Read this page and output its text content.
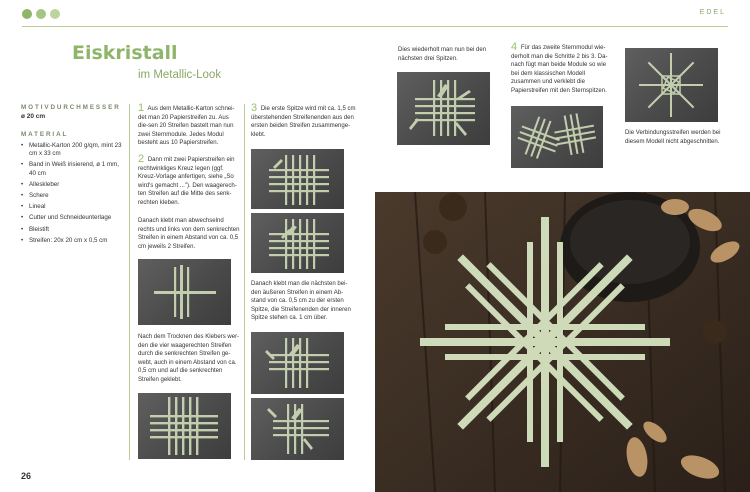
EDEL
Eiskristall
im Metallic-Look
MOTIVDURCHMESSER
ø 20 cm
MATERIAL
• Metallic-Karton 200 g/qm, mint 23 cm x 33 cm
• Band in Weiß irisierend, ø 1 mm, 40 cm
• Alleskleber
• Schere
• Lineal
• Cutter und Schneideunterlage
• Bleistift
• Streifen: 20x 20 cm x 0,5 cm
1 Aus dem Metallic-Karton schnei-det man 20 Papierstreifen zu. Aus die-sen 20 Streifen bastelt man nun zwei Sternmodule. Jedes Modul besteht aus 10 Papierstreifen.
2 Dann mit zwei Papierstreifen ein rechtwinkliges Kreuz legen (ggf. Kreuz-Vorlage anfertigen, siehe „So wird's gemacht ..."). Den waagerech-ten Streifen auf die Mitte des senk-rechten kleben.
Danach klebt man abwechselnd rechts und links von dem senkrechten Streifen in einem Abstand von ca. 0,5 cm jeweils 2 Streifen.
Nach dem Trocknen des Klebers wer-den die vier waagerechten Streifen durch die senkrechten Streifen ge-webt, auch in einem Abstand von ca. 0,5 cm und auf die senkrechten Streifen geklebt.
3 Die erste Spitze wird mit ca. 1,5 cm überstehenden Streifenenden aus den ersten beiden Streifen zusammenge-klebt.
Danach klebt man die nächsten bei-den äußeren Streifen in einem Ab-stand von ca. 0,5 cm zu der ersten Spitze, die Streifenenden der inneren Spitze stehen ca. 1 cm über.
Dies wiederholt man nun bei den nächsten drei Spitzen.
4 Für das zweite Sternmodul wie-derholt man die Schritte 2 bis 3. Da-nach fügt man beide Module so wie bei dem klassischen Modell zusammen und verklebt die Papierstreifen mit den Sternspitzen.
Die Verbindungsstreifen werden bei diesem Modell nicht abgeschnitten.
26
